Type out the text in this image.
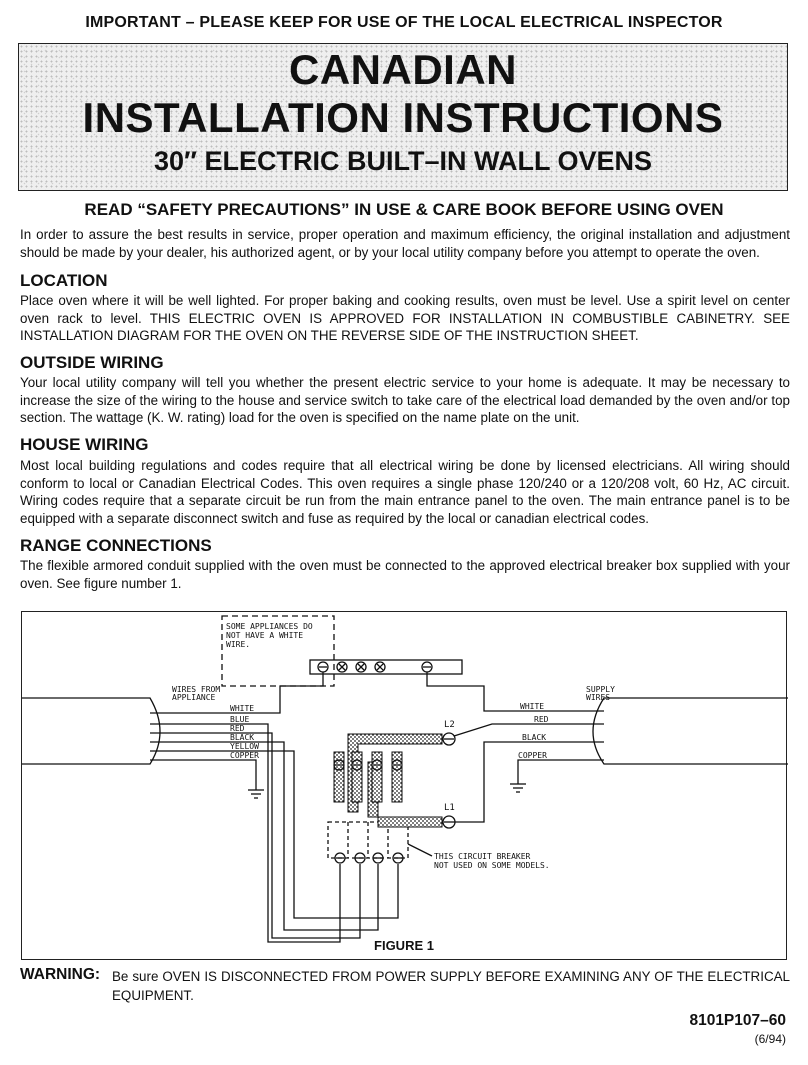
IMPORTANT – PLEASE KEEP FOR USE OF THE LOCAL ELECTRICAL INSPECTOR
CANADIAN
INSTALLATION INSTRUCTIONS
30″ ELECTRIC BUILT–IN WALL OVENS
READ “SAFETY PRECAUTIONS” IN USE & CARE BOOK BEFORE USING OVEN
In order to assure the best results in service, proper operation and maximum efficiency, the original installation and adjustment should be made by your dealer, his authorized agent, or by your local utility company before you attempt to operate the oven.
LOCATION
Place oven where it will be well lighted. For proper baking and cooking results, oven must be level. Use a spirit level on center oven rack to level. THIS ELECTRIC OVEN IS APPROVED FOR INSTALLATION IN COMBUSTIBLE CABINETRY. SEE INSTALLATION DIAGRAM FOR THE OVEN ON THE REVERSE SIDE OF THE INSTRUCTION SHEET.
OUTSIDE WIRING
Your local utility company will tell you whether the present electric service to your home is adequate. It may be necessary to increase the size of the wiring to the house and service switch to take care of the electrical load demanded by the oven and/or top section. The wattage (K. W. rating) load for the oven is specified on the name plate on the unit.
HOUSE WIRING
Most local building regulations and codes require that all electrical wiring be done by licensed electricians. All wiring should conform to local or Canadian Electrical Codes. This oven requires a single phase 120/240 or a 120/208 volt, 60 Hz, AC circuit. Wiring codes require that a separate circuit be run from the main entrance panel to the oven. The main entrance panel is to be equipped with a separate disconnect switch and fuse as required by the local or canadian electrical codes.
RANGE CONNECTIONS
The flexible armored conduit supplied with the oven must be connected to the approved electrical breaker box supplied with your oven. See figure number 1.
SOME APPLIANCES DO
NOT HAVE A WHITE
WIRE.
WIRES FROM
APPLIANCE
WHITE
BLUE
RED
BLACK
YELLOW
COPPER
SUPPLY
WIRES
WHITE
RED
BLACK
COPPER
L2
L1
THIS CIRCUIT BREAKER
NOT USED ON SOME MODELS.
FIGURE 1
WARNING: Be sure OVEN IS DISCONNECTED FROM POWER SUPPLY BEFORE EXAMINING ANY OF THE ELECTRICAL EQUIPMENT.
8101P107–60
(6/94)
